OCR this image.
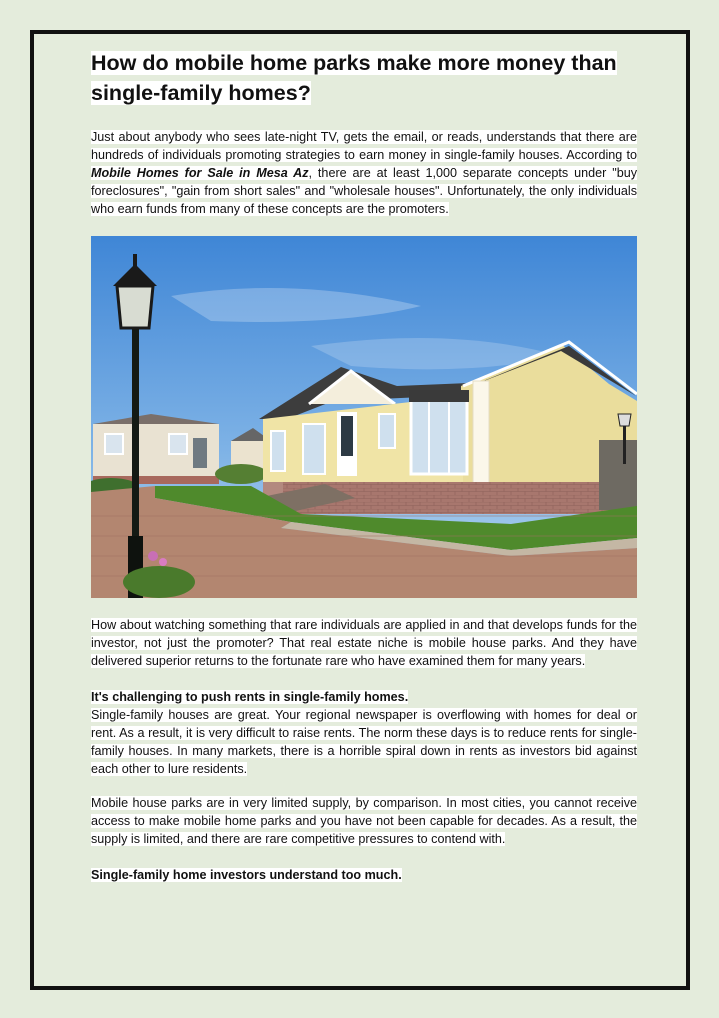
How do mobile home parks make more money than single-family homes?

Just about anybody who sees late-night TV, gets the email, or reads, understands that there are hundreds of individuals promoting strategies to earn money in single-family houses. According to Mobile Homes for Sale in Mesa Az, there are at least 1,000 separate concepts under "buy foreclosures", "gain from short sales" and "wholesale houses". Unfortunately, the only individuals who earn funds from many of these concepts are the promoters.

How about watching something that rare individuals are applied in and that develops funds for the investor, not just the promoter? That real estate niche is mobile house parks. And they have delivered superior returns to the fortunate rare who have examined them for many years.

It's challenging to push rents in single-family homes.

Single-family houses are great. Your regional newspaper is overflowing with homes for deal or rent. As a result, it is very difficult to raise rents. The norm these days is to reduce rents for single-family houses. In many markets, there is a horrible spiral down in rents as investors bid against each other to lure residents.

Mobile house parks are in very limited supply, by comparison. In most cities, you cannot receive access to make mobile home parks and you have not been capable for decades. As a result, the supply is limited, and there are rare competitive pressures to contend with.

Single-family home investors understand too much.
